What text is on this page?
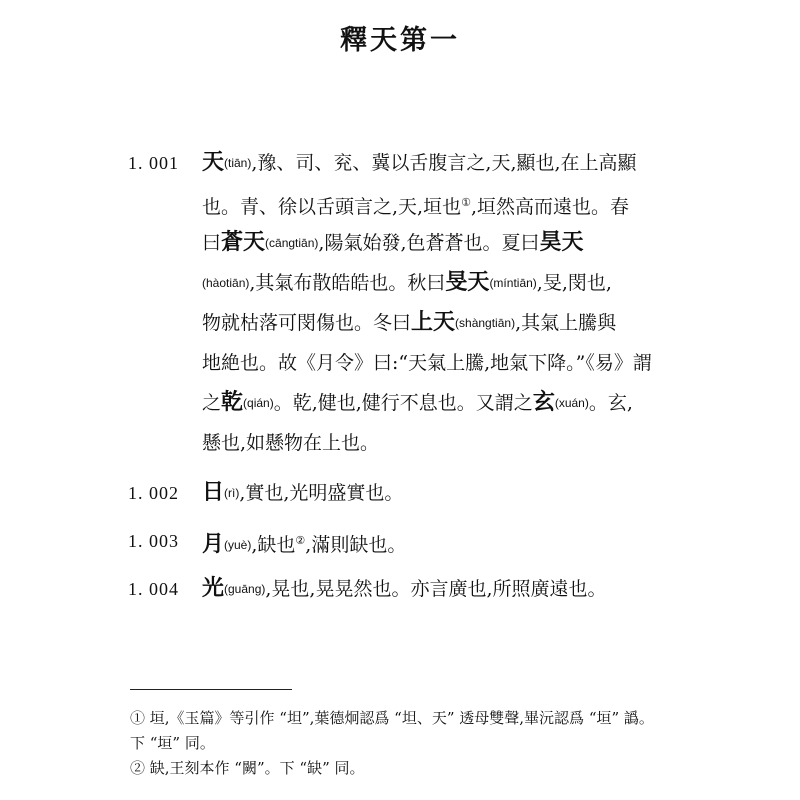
釋天第一
1. 001 天(tiān),豫、司、兖、冀以舌腹言之,天,顯也,在上高顯
也。青、徐以舌頭言之,天,垣也①,垣然高而遠也。春
曰蒼天(cāngtiān),陽氣始發,色蒼蒼也。夏曰昊天
(hàotiān),其氣布散皓皓也。秋曰旻天(míntiān),旻,閔也,
物就枯落可閔傷也。冬曰上天(shàngtiān),其氣上騰與
地絶也。故《月令》曰:“天氣上騰,地氣下降。”《易》謂
之乾(qián)。乾,健也,健行不息也。又謂之玄(xuán)。玄,
懸也,如懸物在上也。
1. 002 日(rì),實也,光明盛實也。
1. 003 月(yuè),缺也②,滿則缺也。
1. 004 光(guāng),晃也,晃晃然也。亦言廣也,所照廣遠也。
① 垣,《玉篇》等引作 “坦”,葉德炯認爲 “坦、天” 透母雙聲,畢沅認爲 “垣” 譌。
下 “垣” 同。
② 缺,王刻本作 “闕”。下 “缺” 同。
